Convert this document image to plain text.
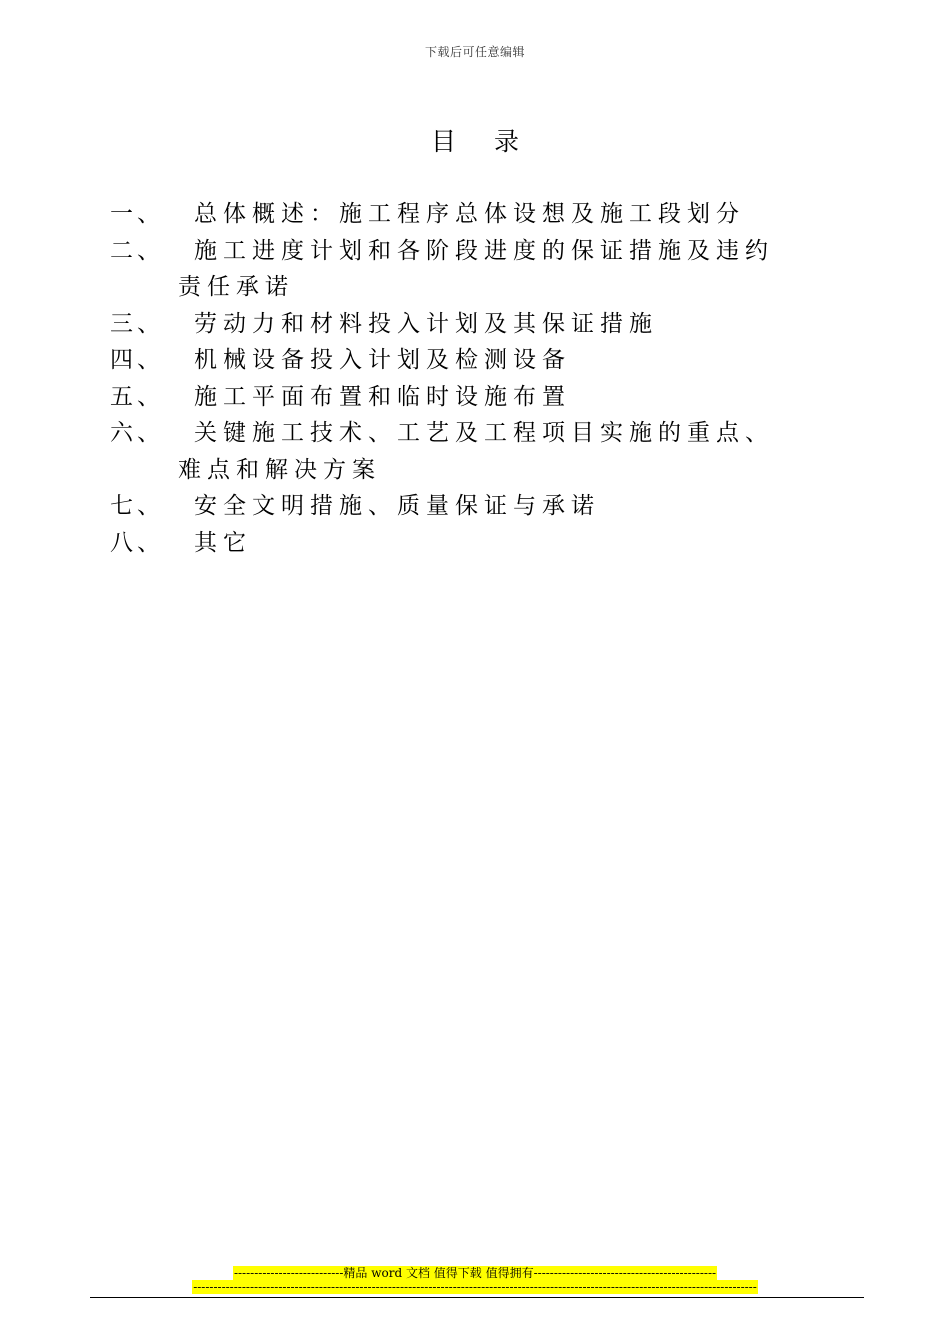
下载后可任意编辑
目 录
一、 总体概述：施工程序总体设想及施工段划分
二、 施工进度计划和各阶段进度的保证措施及违约
责任承诺
三、 劳动力和材料投入计划及其保证措施
四、 机械设备投入计划及检测设备
五、 施工平面布置和临时设施布置
六、 关键施工技术、工艺及工程项目实施的重点、
难点和解决方案
七、 安全文明措施、质量保证与承诺
八、 其它
---------------------------精品 word 文档 值得下载 值得拥有---------------------------------------------
-------------------------------------------------------------------------------------------------------------------------------------------
